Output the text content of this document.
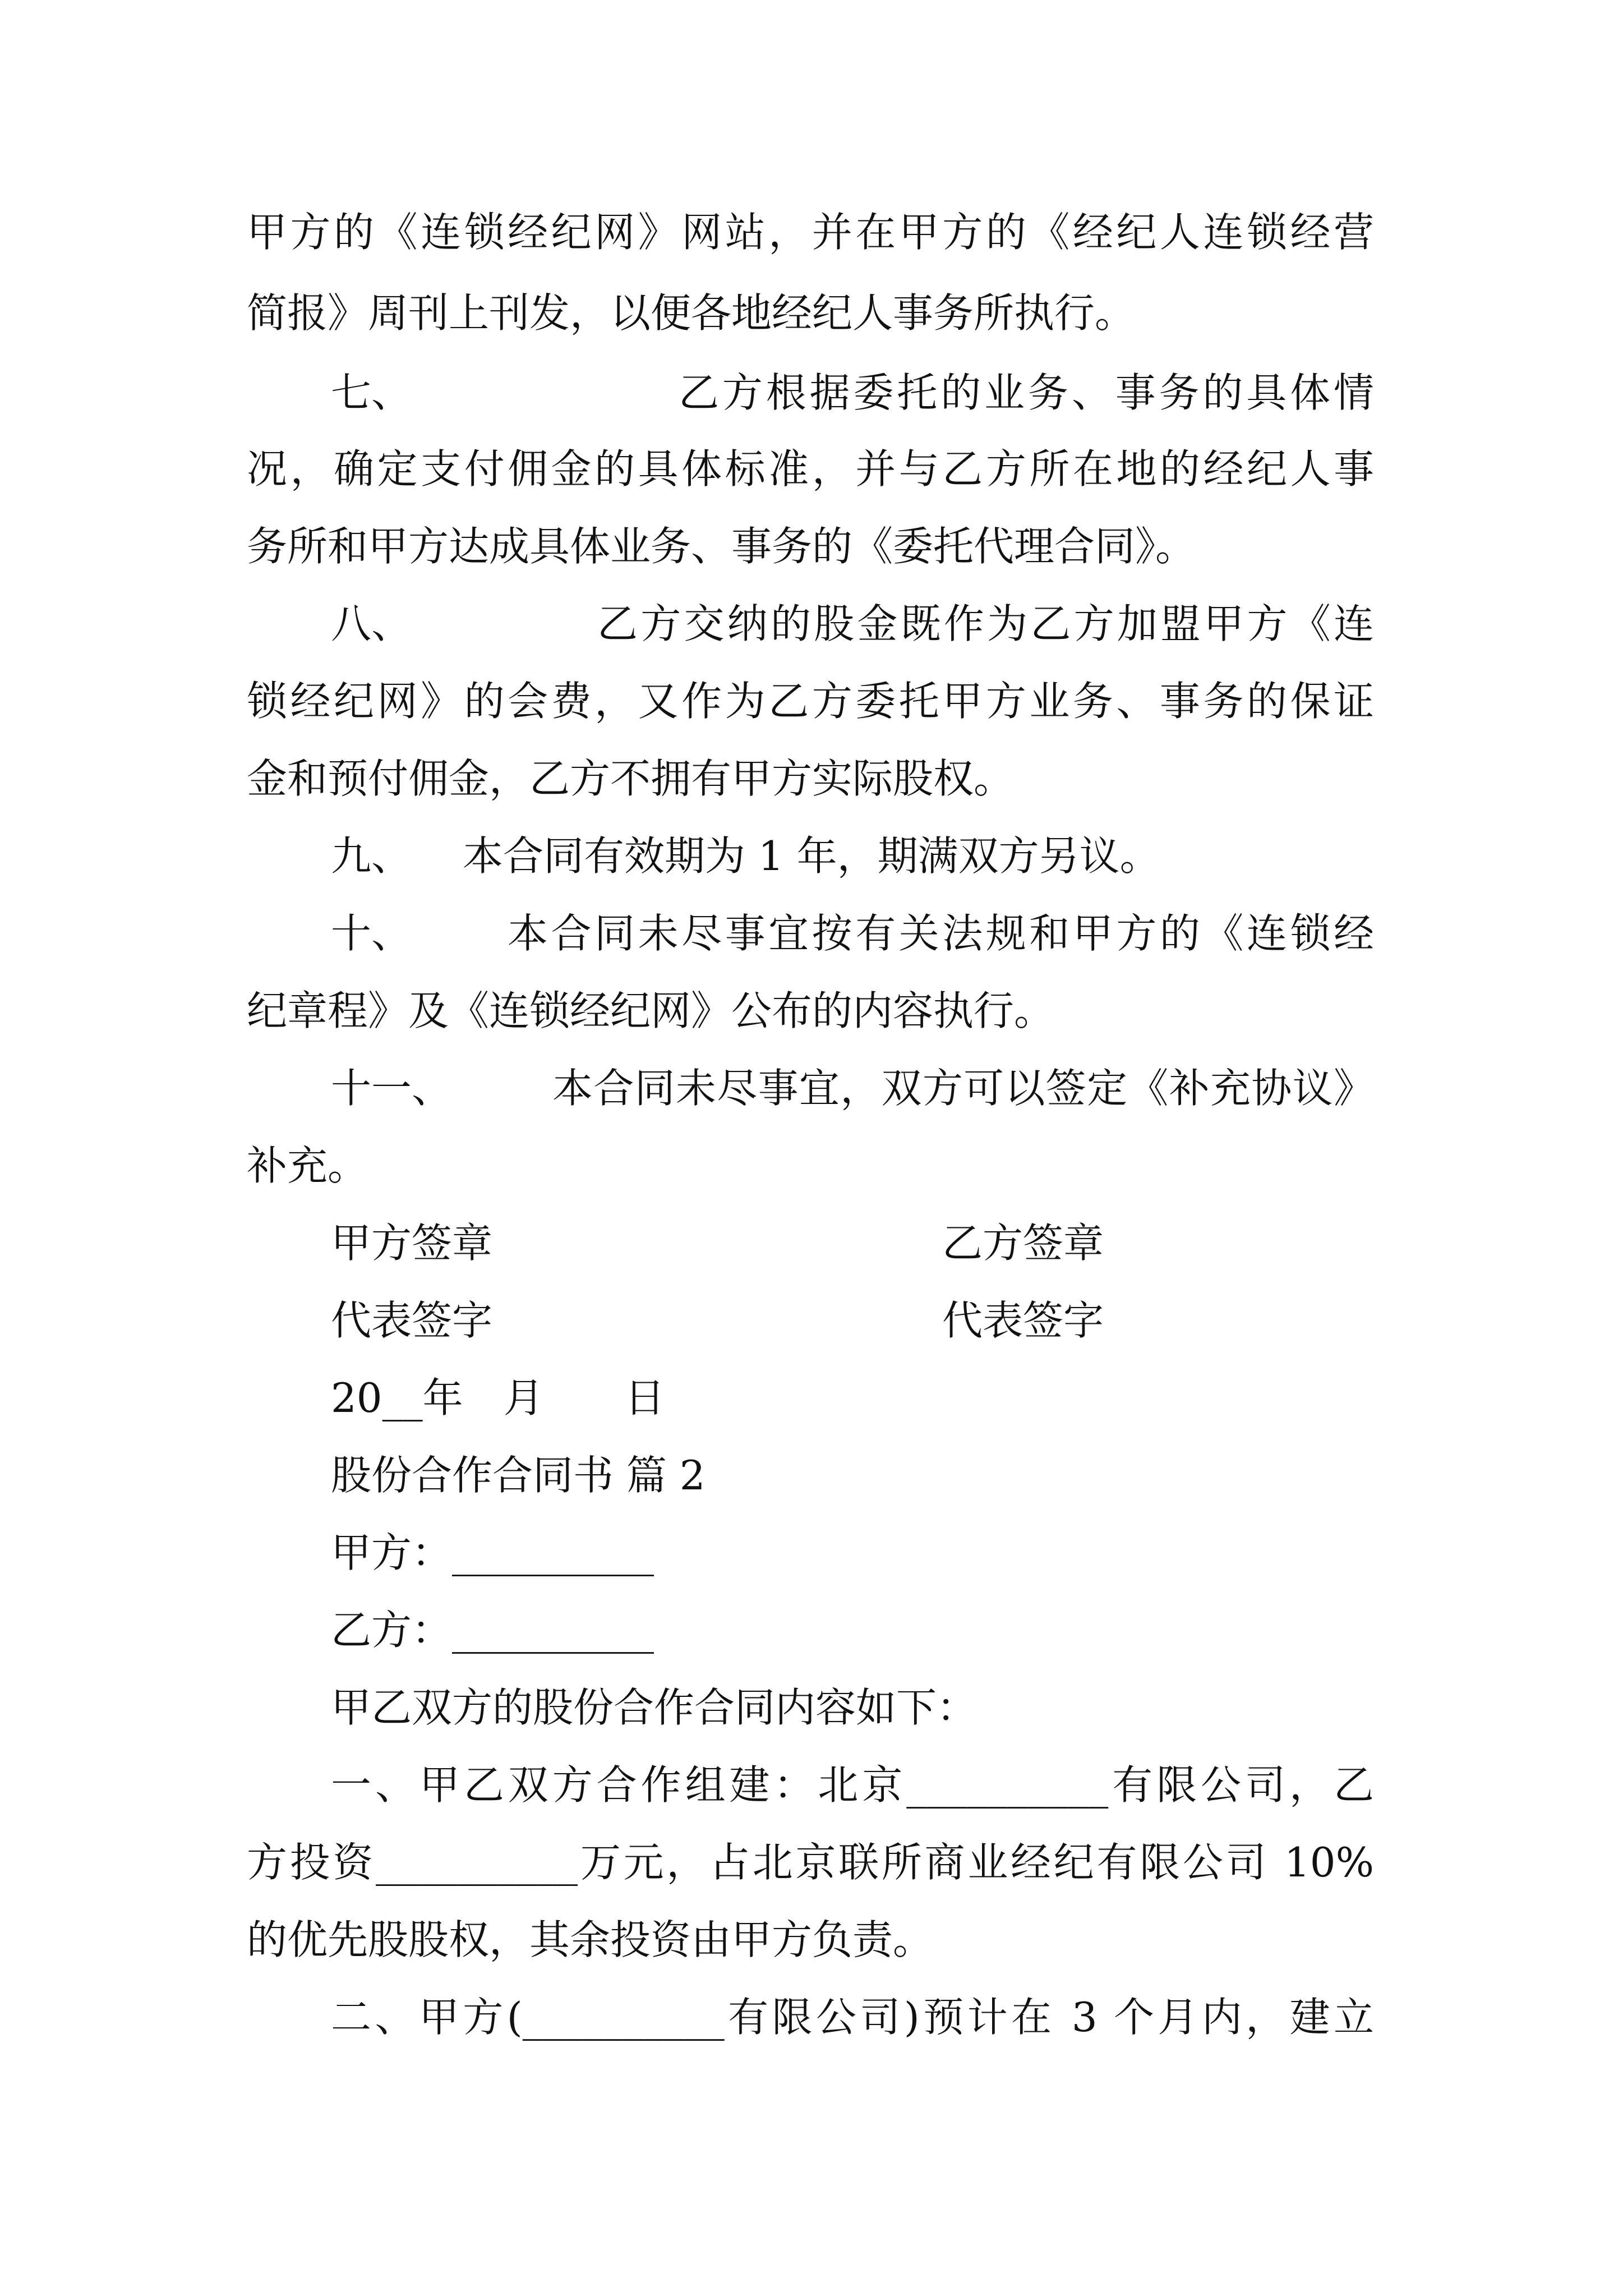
甲方的《连锁经纪网》网站，并在甲方的《经纪人连锁经营

简报》周刊上刊发，以便各地经纪人事务所执行。

七、	乙方根据委托的业务、事务的具体情

况，确定支付佣金的具体标准，并与乙方所在地的经纪人事

务所和甲方达成具体业务、事务的《委托代理合同》。

八、	乙方交纳的股金既作为乙方加盟甲方《连

锁经纪网》的会费，又作为乙方委托甲方业务、事务的保证

金和预付佣金，乙方不拥有甲方实际股权。

九、 本合同有效期为 1 年，期满双方另议。

十、 本合同未尽事宜按有关法规和甲方的《连锁经

纪章程》及《连锁经纪网》公布的内容执行。

十一、 本合同未尽事宜，双方可以签定《补充协议》

补充。

甲方签章	乙方签章

代表签字	代表签字

20__年　月　　日

股份合作合同书 篇 2

甲方：__________

乙方：__________

甲乙双方的股份合作合同内容如下：

一、甲乙双方合作组建：北京__________有限公司，乙

方投资__________万元，占北京联所商业经纪有限公司 10%

的优先股股权，其余投资由甲方负责。

二、甲方(__________有限公司)预计在 3 个月内，建立
